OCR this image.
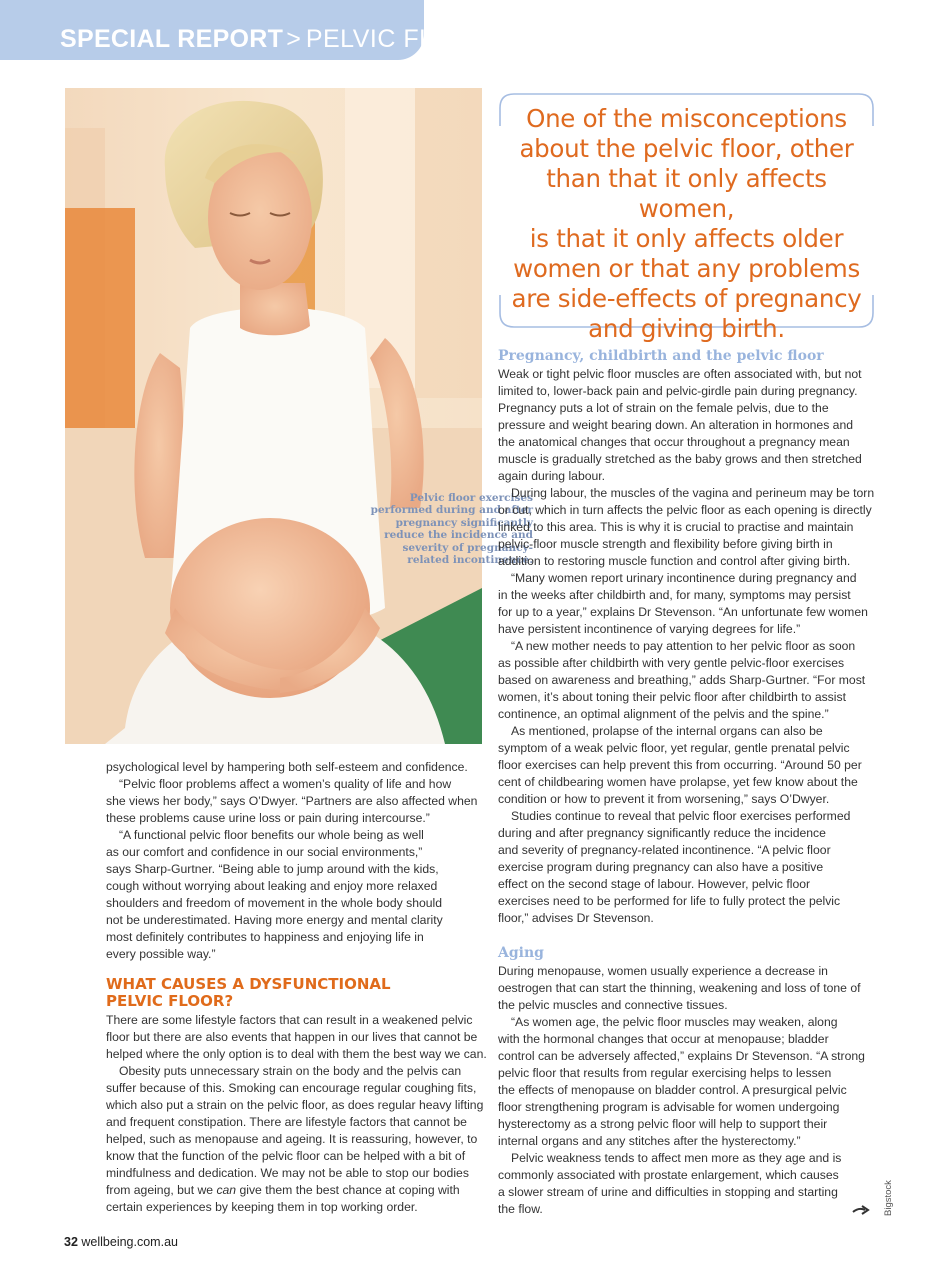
SPECIAL REPORT > PELVIC FLOOR
Pelvic floor exercises performed during and after pregnancy significantly reduce the incidence and severity of pregnancy-related incontinence.
One of the misconceptions
about the pelvic floor, other
than that it only affects women,
is that it only affects older
women or that any problems
are side-effects of pregnancy
and giving birth.

psychological level by hampering both self-esteem and confidence.

“Pelvic floor problems affect a women’s quality of life and how

she views her body,” says O’Dwyer. “Partners are also affected when

these problems cause urine loss or pain during intercourse.”

“A functional pelvic floor benefits our whole being as well

as our comfort and confidence in our social environments,”

says Sharp-Gurtner. “Being able to jump around with the kids,

cough without worrying about leaking and enjoy more relaxed

shoulders and freedom of movement in the whole body should

not be underestimated. Having more energy and mental clarity

most definitely contributes to happiness and enjoying life in

every possible way.”

WHAT CAUSES A DYSFUNCTIONAL
PELVIC FLOOR?

There are some lifestyle factors that can result in a weakened pelvic

floor but there are also events that happen in our lives that cannot be

helped where the only option is to deal with them the best way we can.

Obesity puts unnecessary strain on the body and the pelvis can

suffer because of this. Smoking can encourage regular coughing fits,

which also put a strain on the pelvic floor, as does regular heavy lifting

and frequent constipation. There are lifestyle factors that cannot be

helped, such as menopause and ageing. It is reassuring, however, to

know that the function of the pelvic floor can be helped with a bit of

mindfulness and dedication. We may not be able to stop our bodies

from ageing, but we can give them the best chance at coping with

certain experiences by keeping them in top working order.

Pregnancy, childbirth and the pelvic floor

Weak or tight pelvic floor muscles are often associated with, but not

limited to, lower-back pain and pelvic-girdle pain during pregnancy.

Pregnancy puts a lot of strain on the female pelvis, due to the

pressure and weight bearing down. An alteration in hormones and

the anatomical changes that occur throughout a pregnancy mean

muscle is gradually stretched as the baby grows and then stretched

again during labour.

During labour, the muscles of the vagina and perineum may be torn

or cut, which in turn affects the pelvic floor as each opening is directly

linked to this area. This is why it is crucial to practise and maintain

pelvic-floor muscle strength and flexibility before giving birth in

addition to restoring muscle function and control after giving birth.

“Many women report urinary incontinence during pregnancy and

in the weeks after childbirth and, for many, symptoms may persist

for up to a year,” explains Dr Stevenson. “An unfortunate few women

have persistent incontinence of varying degrees for life.”

“A new mother needs to pay attention to her pelvic floor as soon

as possible after childbirth with very gentle pelvic-floor exercises

based on awareness and breathing,” adds Sharp-Gurtner. “For most

women, it’s about toning their pelvic floor after childbirth to assist

continence, an optimal alignment of the pelvis and the spine.”

As mentioned, prolapse of the internal organs can also be

symptom of a weak pelvic floor, yet regular, gentle prenatal pelvic

floor exercises can help prevent this from occurring. “Around 50 per

cent of childbearing women have prolapse, yet few know about the

condition or how to prevent it from worsening,” says O’Dwyer.

Studies continue to reveal that pelvic floor exercises performed

during and after pregnancy significantly reduce the incidence

and severity of pregnancy-related incontinence. “A pelvic floor

exercise program during pregnancy can also have a positive

effect on the second stage of labour. However, pelvic floor

exercises need to be performed for life to fully protect the pelvic

floor,” advises Dr Stevenson.

Aging

During menopause, women usually experience a decrease in

oestrogen that can start the thinning, weakening and loss of tone of

the pelvic muscles and connective tissues.

“As women age, the pelvic floor muscles may weaken, along

with the hormonal changes that occur at menopause; bladder

control can be adversely affected,” explains Dr Stevenson. “A strong

pelvic floor that results from regular exercising helps to lessen

the effects of menopause on bladder control. A presurgical pelvic

floor strengthening program is advisable for women undergoing

hysterectomy as a strong pelvic floor will help to support their

internal organs and any stitches after the hysterectomy.”

Pelvic weakness tends to affect men more as they age and is

commonly associated with prostate enlargement, which causes

a slower stream of urine and difficulties in stopping and starting

the flow.	Bigstock
32 wellbeing.com.au
